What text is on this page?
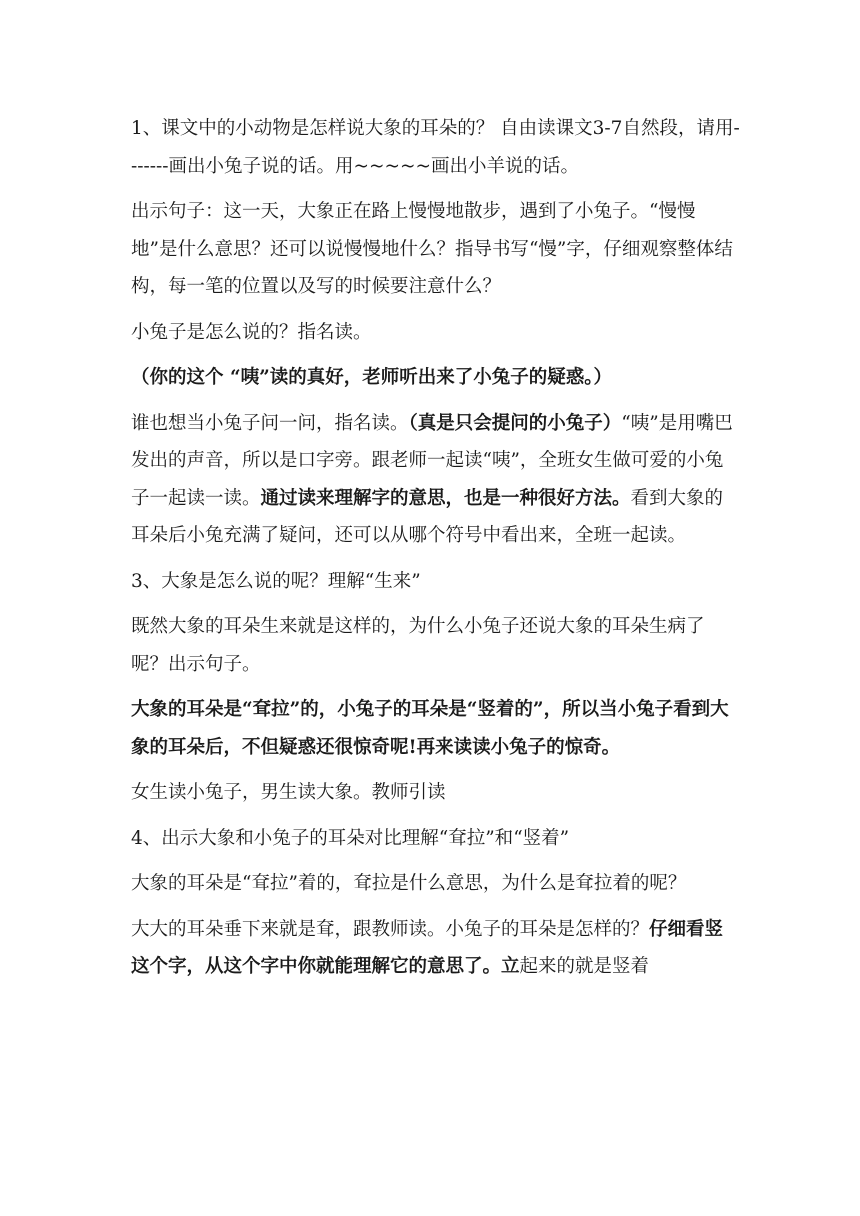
1、课文中的小动物是怎样说大象的耳朵的？ 自由读课文3-7自然段，请用-------画出小兔子说的话。用~~~~~画出小羊说的话。

出示句子：这一天，大象正在路上慢慢地散步，遇到了小兔子。“慢慢地”是什么意思？还可以说慢慢地什么？指导书写“慢”字，仔细观察整体结构，每一笔的位置以及写的时候要注意什么？

小兔子是怎么说的？指名读。

（你的这个 “咦”读的真好，老师听出来了小兔子的疑惑。）

谁也想当小兔子问一问，指名读。（真是只会提问的小兔子）“咦”是用嘴巴发出的声音，所以是口字旁。跟老师一起读“咦”，全班女生做可爱的小兔子一起读一读。通过读来理解字的意思，也是一种很好方法。看到大象的耳朵后小兔充满了疑问，还可以从哪个符号中看出来，全班一起读。

3、大象是怎么说的呢？理解“生来”

既然大象的耳朵生来就是这样的，为什么小兔子还说大象的耳朵生病了呢？出示句子。

大象的耳朵是“耷拉”的，小兔子的耳朵是“竖着的”，所以当小兔子看到大象的耳朵后，不但疑惑还很惊奇呢!再来读读小兔子的惊奇。

女生读小兔子，男生读大象。教师引读

4、出示大象和小兔子的耳朵对比理解“耷拉”和“竖着”

大象的耳朵是“耷拉”着的，耷拉是什么意思，为什么是耷拉着的呢？

大大的耳朵垂下来就是耷，跟教师读。小兔子的耳朵是怎样的？仔细看竖这个字，从这个字中你就能理解它的意思了。立起来的就是竖着
